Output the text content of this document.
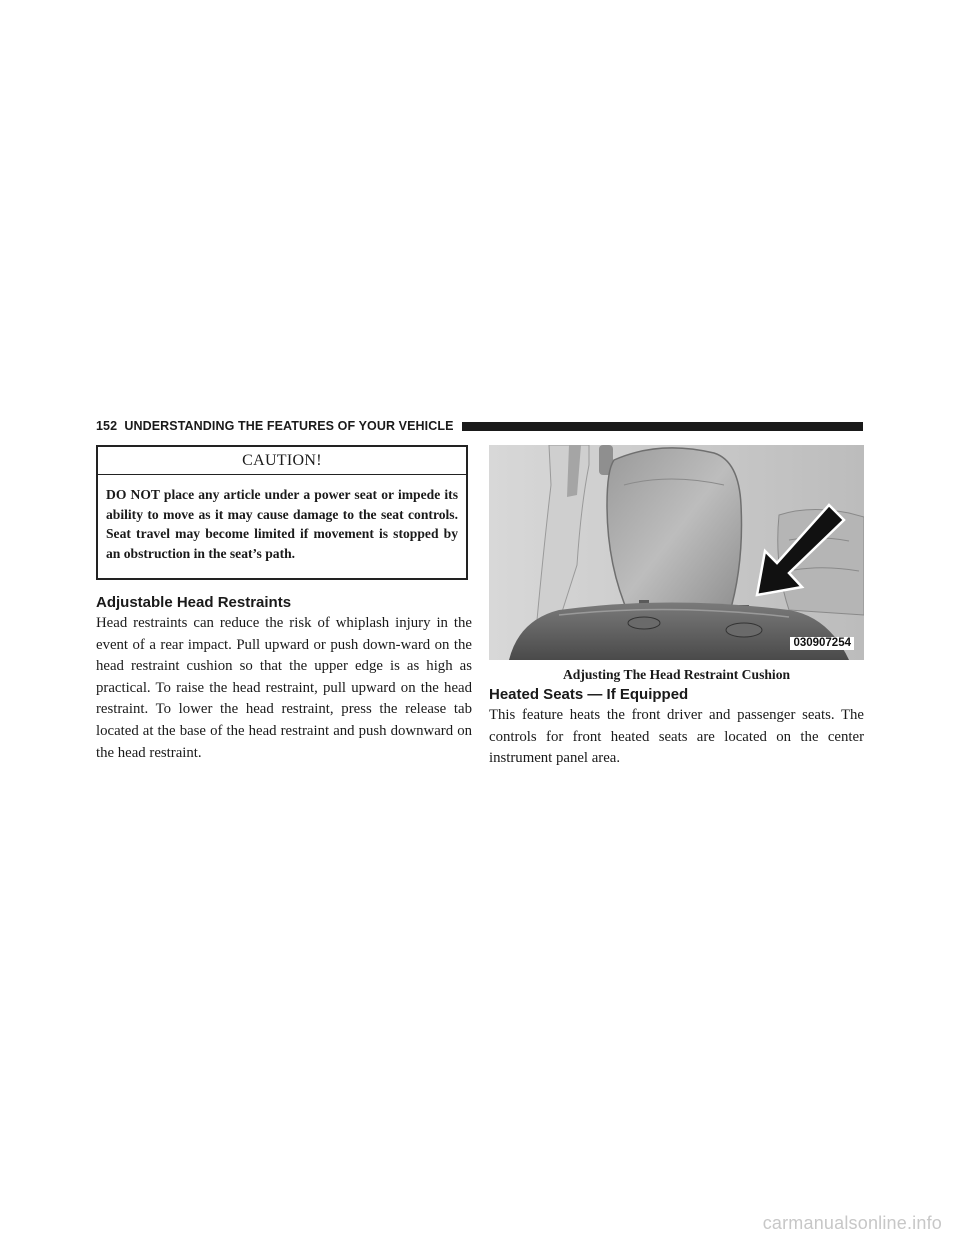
152 UNDERSTANDING THE FEATURES OF YOUR VEHICLE
CAUTION!
DO NOT place any article under a power seat or impede its ability to move as it may cause damage to the seat controls. Seat travel may become limited if movement is stopped by an obstruction in the seat’s path.
Adjustable Head Restraints
Head restraints can reduce the risk of whiplash injury in the event of a rear impact. Pull upward or push down-ward on the head restraint cushion so that the upper edge is as high as practical. To raise the head restraint, pull upward on the head restraint. To lower the head restraint, press the release tab located at the base of the head restraint and push downward on the head restraint.
030907254
Adjusting The Head Restraint Cushion
Heated Seats — If Equipped
This feature heats the front driver and passenger seats. The controls for front heated seats are located on the center instrument panel area.
carmanualsonline.info
